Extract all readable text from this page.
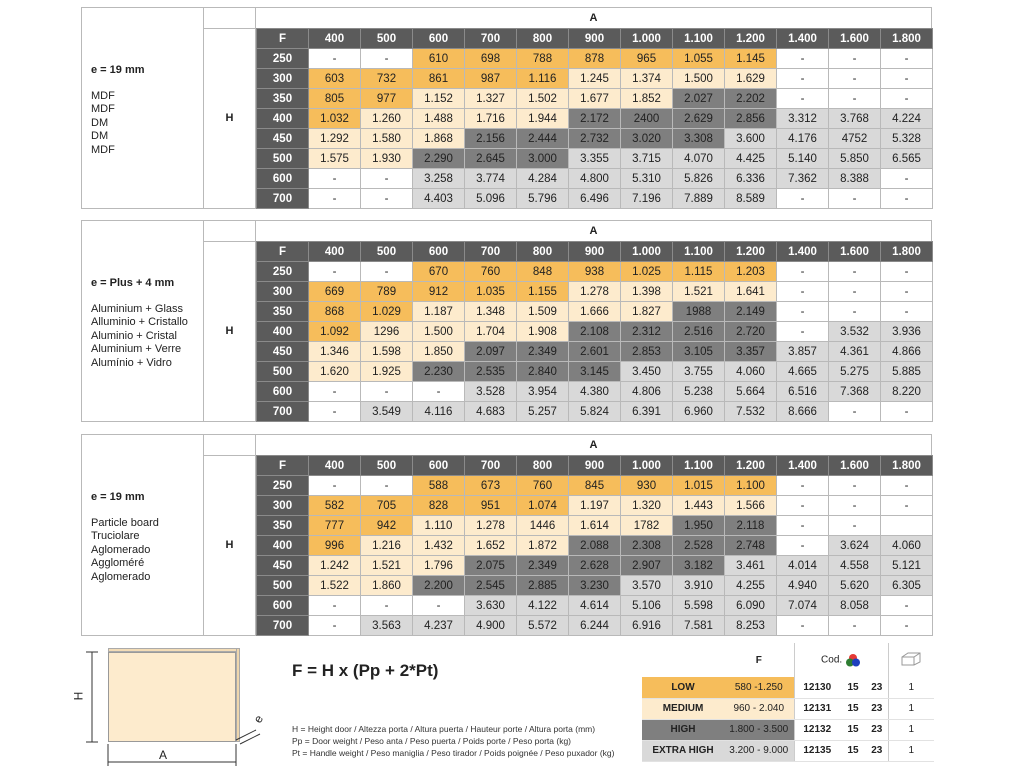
e = 19 mm
MDF
MDF
DM
DM
MDF
H
A
F	400	500	600	700	800	900	1.000	1.100	1.200	1.400	1.600	1.800
250	-	-	610	698	788	878	965	1.055	1.145	-	-	-
300	603	732	861	987	1.116	1.245	1.374	1.500	1.629	-	-	-
350	805	977	1.152	1.327	1.502	1.677	1.852	2.027	2.202	-	-	-
400	1.032	1.260	1.488	1.716	1.944	2.172	2400	2.629	2.856	3.312	3.768	4.224
450	1.292	1.580	1.868	2.156	2.444	2.732	3.020	3.308	3.600	4.176	4752	5.328
500	1.575	1.930	2.290	2.645	3.000	3.355	3.715	4.070	4.425	5.140	5.850	6.565
600	-	-	3.258	3.774	4.284	4.800	5.310	5.826	6.336	7.362	8.388	-
700	-	-	4.403	5.096	5.796	6.496	7.196	7.889	8.589	-	-	-
e = Plus + 4 mm
Aluminium + Glass
Alluminio + Cristallo
Aluminio + Cristal
Aluminium + Verre
Alumínio + Vidro
H
A
F	400	500	600	700	800	900	1.000	1.100	1.200	1.400	1.600	1.800
250	-	-	670	760	848	938	1.025	1.115	1.203	-	-	-
300	669	789	912	1.035	1.155	1.278	1.398	1.521	1.641	-	-	-
350	868	1.029	1.187	1.348	1.509	1.666	1.827	1988	2.149	-	-	-
400	1.092	1296	1.500	1.704	1.908	2.108	2.312	2.516	2.720	-	3.532	3.936
450	1.346	1.598	1.850	2.097	2.349	2.601	2.853	3.105	3.357	3.857	4.361	4.866
500	1.620	1.925	2.230	2.535	2.840	3.145	3.450	3.755	4.060	4.665	5.275	5.885
600	-	-	-	3.528	3.954	4.380	4.806	5.238	5.664	6.516	7.368	8.220
700	-	3.549	4.116	4.683	5.257	5.824	6.391	6.960	7.532	8.666	-	-
e = 19 mm
Particle board
Truciolare
Aglomerado
Aggloméré
Aglomerado
H
A
F	400	500	600	700	800	900	1.000	1.100	1.200	1.400	1.600	1.800
250	-	-	588	673	760	845	930	1.015	1.100	-	-	-
300	582	705	828	951	1.074	1.197	1.320	1.443	1.566	-	-	-
350	777	942	1.110	1.278	1446	1.614	1782	1.950	2.118	-	-	
400	996	1.216	1.432	1.652	1.872	2.088	2.308	2.528	2.748	-	3.624	4.060
450	1.242	1.521	1.796	2.075	2.349	2.628	2.907	3.182	3.461	4.014	4.558	5.121
500	1.522	1.860	2.200	2.545	2.885	3.230	3.570	3.910	4.255	4.940	5.620	6.305
600	-	-	-	3.630	4.122	4.614	5.106	5.598	6.090	7.074	8.058	-
700	-	3.563	4.237	4.900	5.572	6.244	6.916	7.581	8.253	-	-	-
H
A
e
F = H x (Pp + 2*Pt)
H = Height door / Altezza porta / Altura puerta / Hauteur porte / Altura porta (mm)
Pp = Door weight / Peso anta / Peso puerta / Poids porte / Peso porta (kg)
Pt = Handle weight / Peso maniglia / Peso tirador / Poids poignée / Peso puxador (kg)
	F	Cod.	
LOW	580 -1.250	12130	15	23	1
MEDIUM	960 - 2.040	12131	15	23	1
HIGH	1.800 - 3.500	12132	15	23	1
EXTRA HIGH	3.200 - 9.000	12135	15	23	1
